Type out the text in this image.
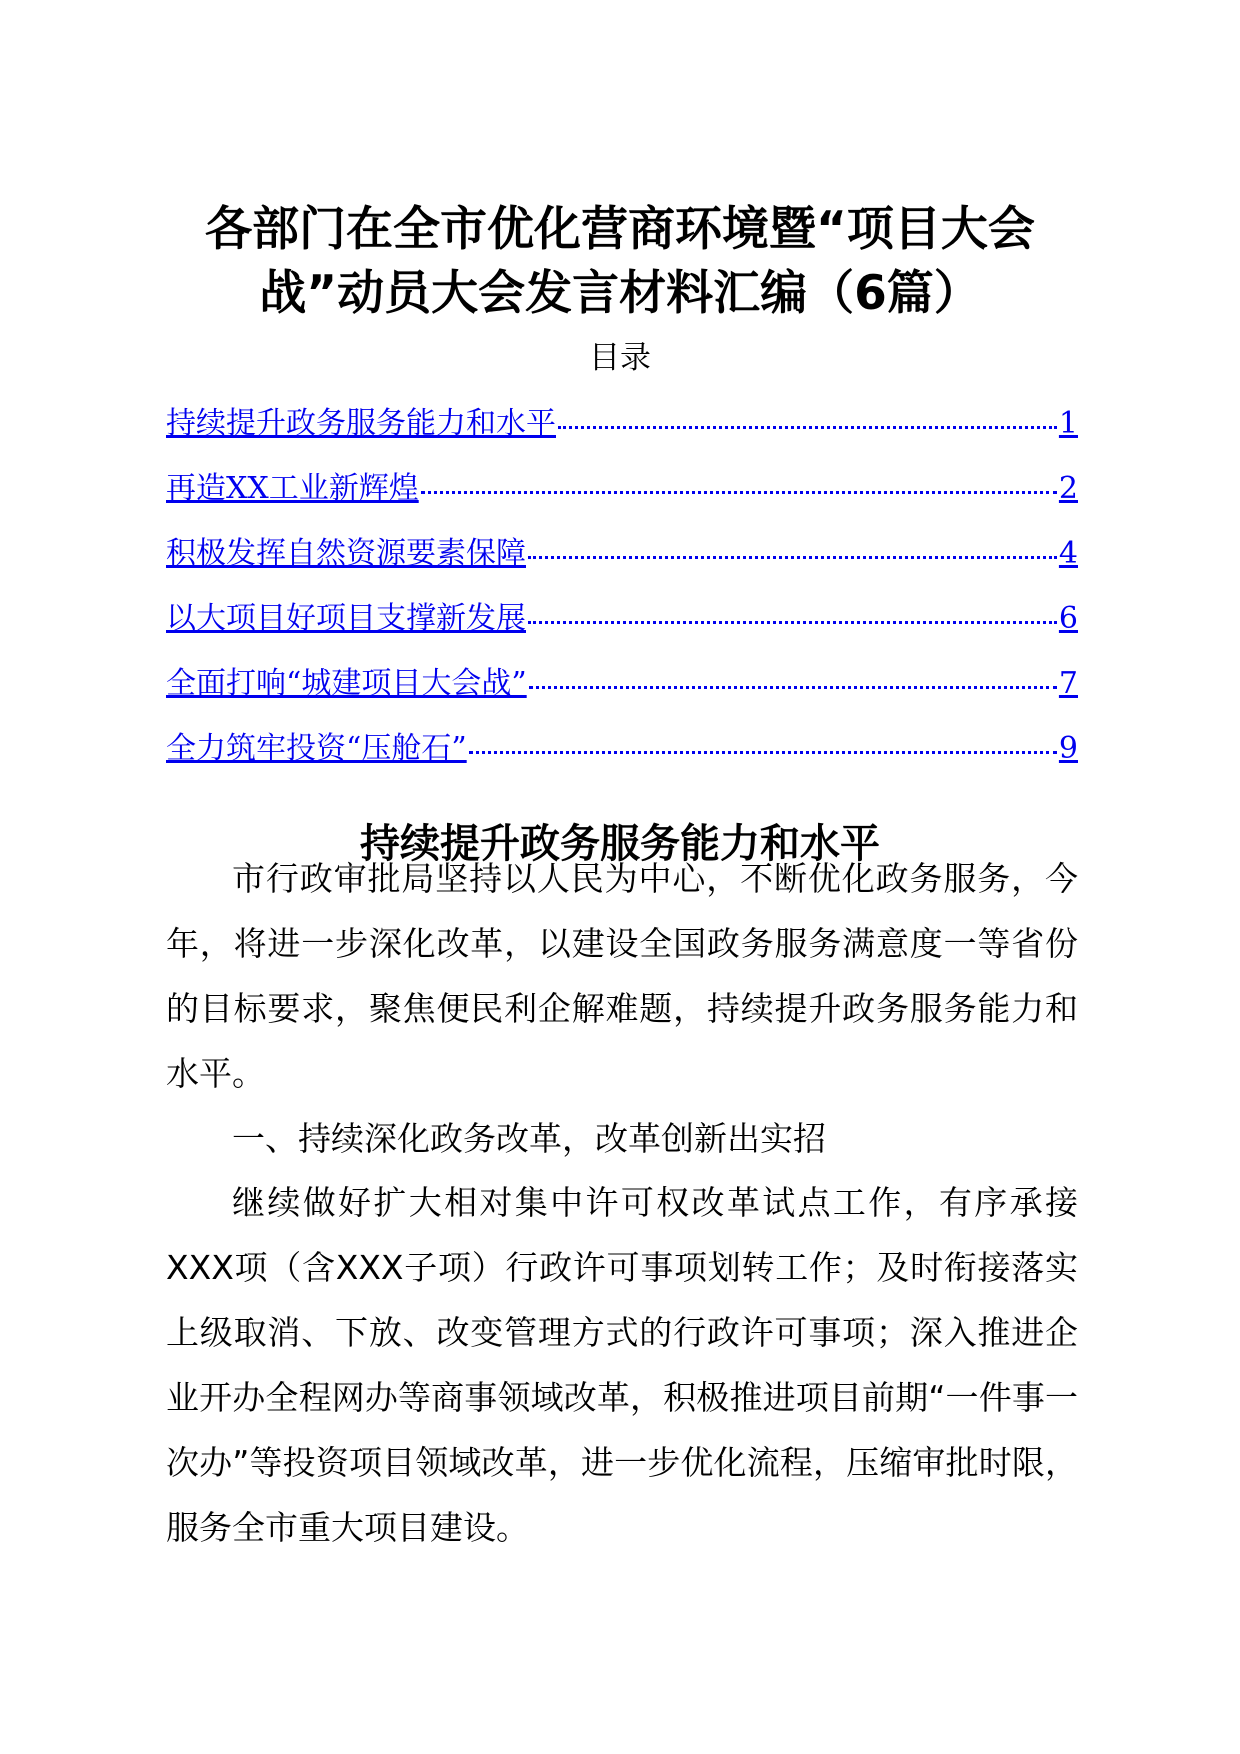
各部门在全市优化营商环境暨“项目大会
战”动员大会发言材料汇编（6篇）
目录
持续提升政务服务能力和水平	1
再造XX工业新辉煌	2
积极发挥自然资源要素保障	4
以大项目好项目支撑新发展	6
全面打响“城建项目大会战”	7
全力筑牢投资“压舱石”	9
持续提升政务服务能力和水平

市行政审批局坚持以人民为中心，不断优化政务服务，今年，将进一步深化改革，以建设全国政务服务满意度一等省份的目标要求，聚焦便民利企解难题，持续提升政务服务能力和水平。

一、持续深化政务改革，改革创新出实招

继续做好扩大相对集中许可权改革试点工作，有序承接XXX项（含XXX子项）行政许可事项划转工作；及时衔接落实上级取消、下放、改变管理方式的行政许可事项；深入推进企业开办全程网办等商事领域改革，积极推进项目前期“一件事一次办”等投资项目领域改革，进一步优化流程，压缩审批时限，服务全市重大项目建设。
